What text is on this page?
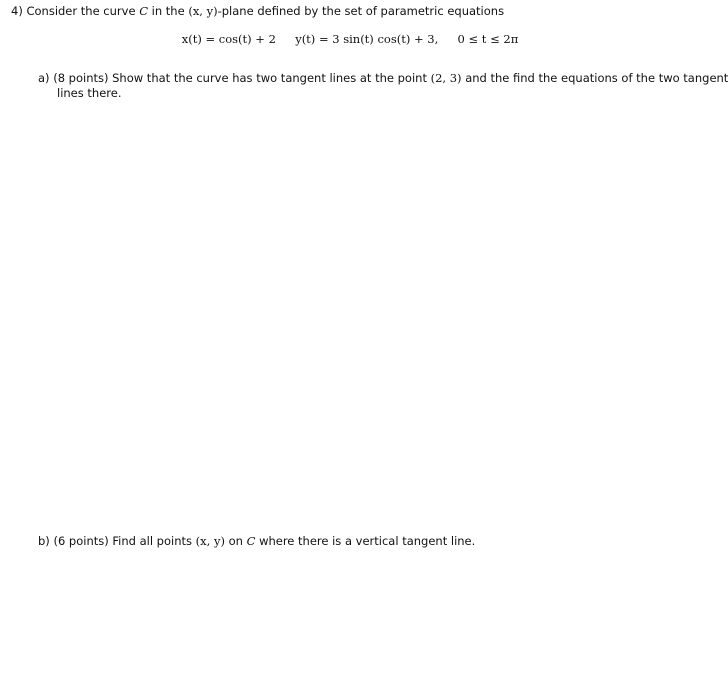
4) Consider the curve C in the (x, y)-plane defined by the set of parametric equations
x(t) = cos(t) + 2 y(t) = 3 sin(t) cos(t) + 3, 0 ≤ t ≤ 2π
a) (8 points) Show that the curve has two tangent lines at the point (2, 3) and the find the equations of the two tangent
lines there.
b) (6 points) Find all points (x, y) on C where there is a vertical tangent line.
